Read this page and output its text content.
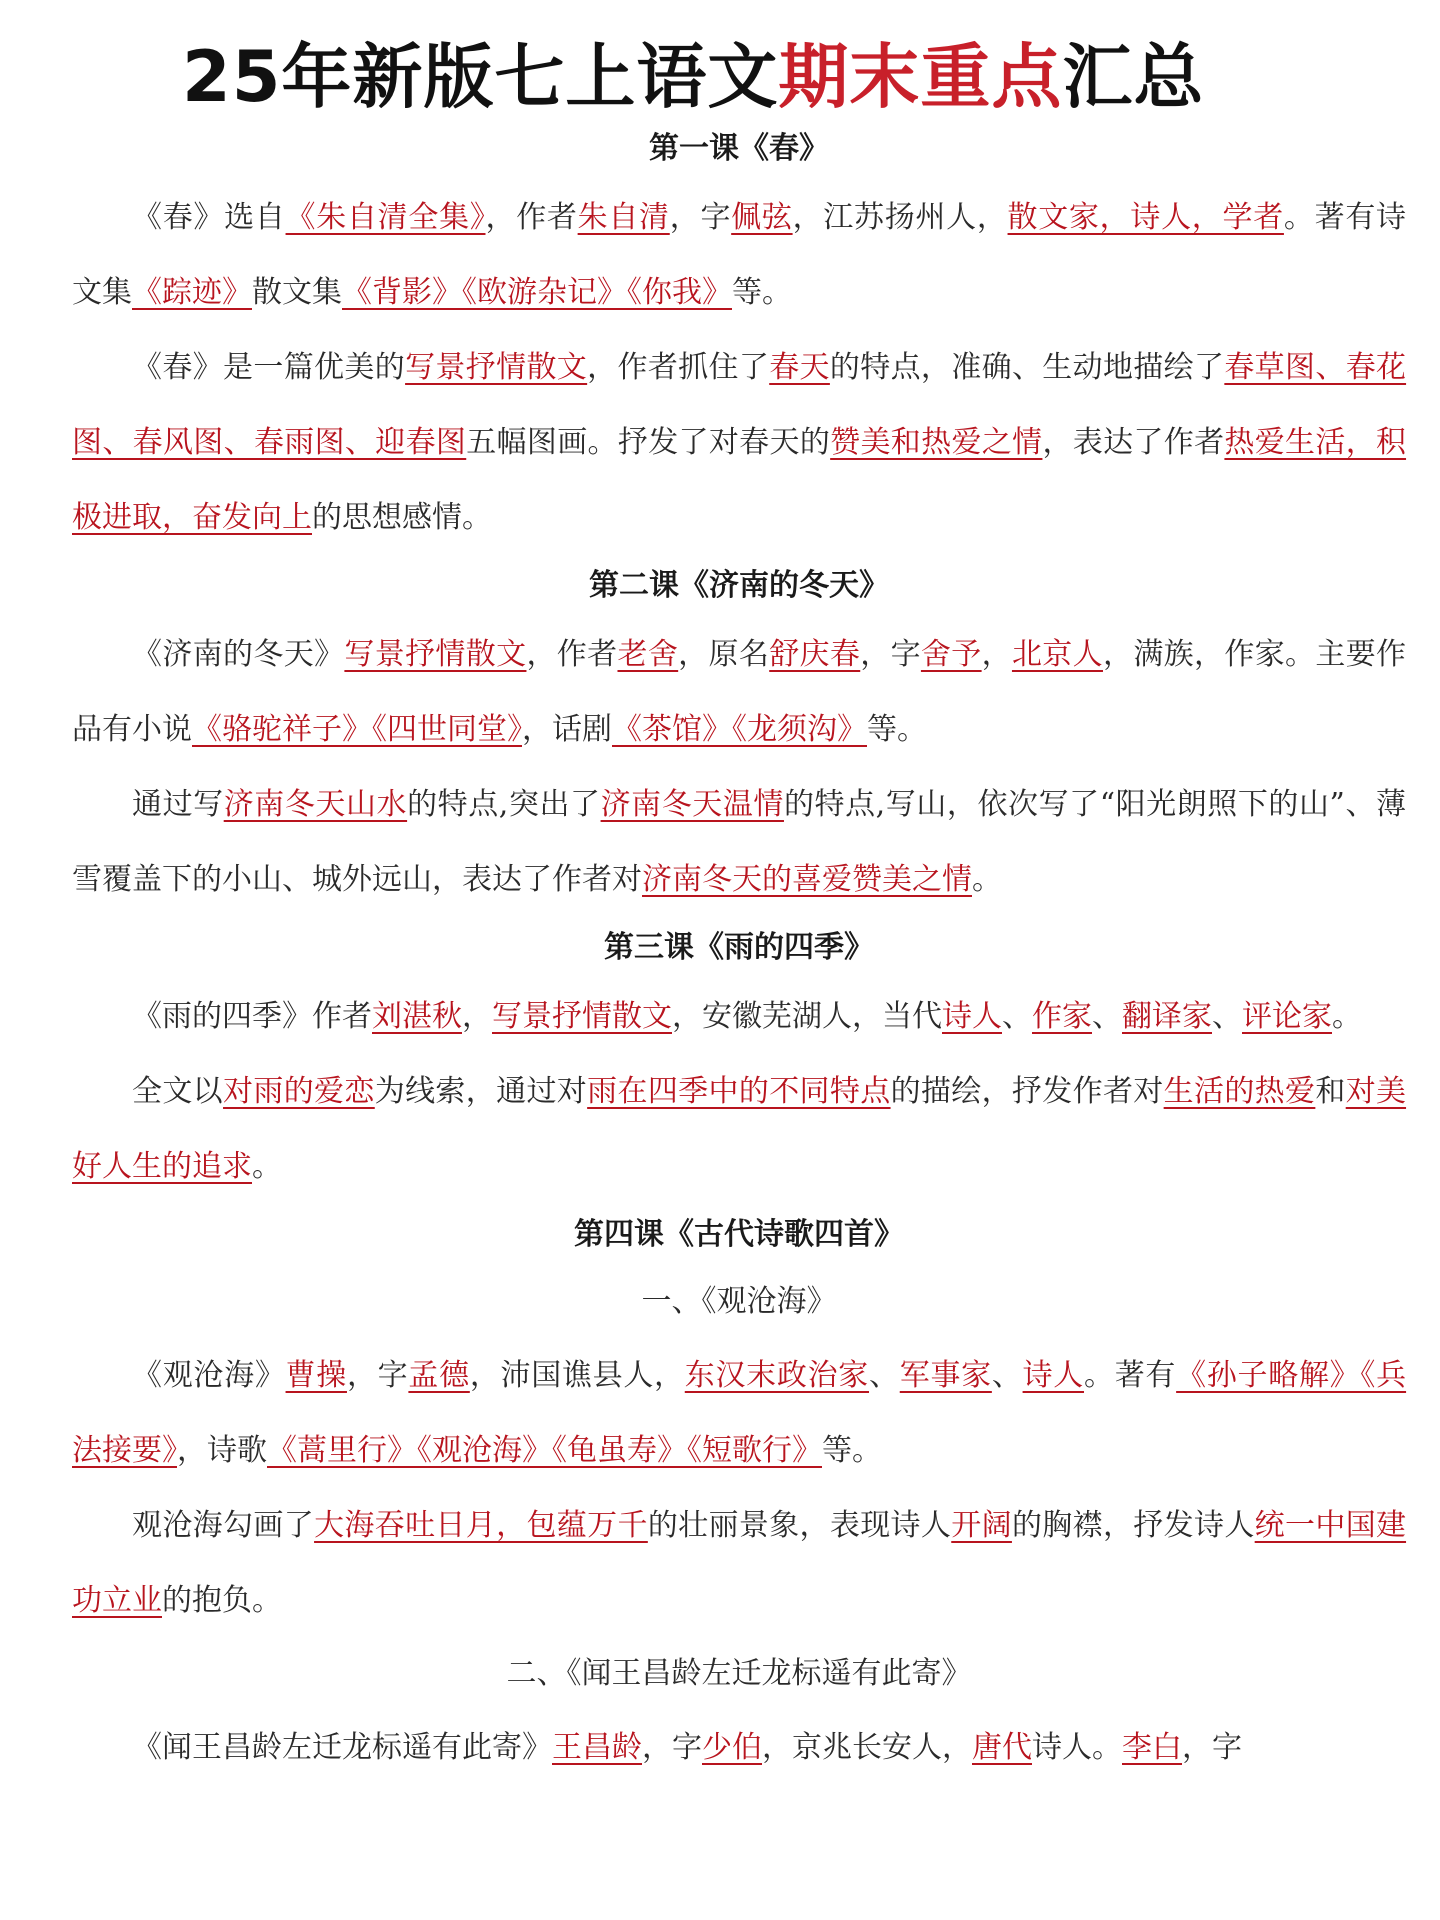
25年新版七上语文期末重点汇总
第一课《春》

《春》选自《朱自清全集》，作者朱自清，字佩弦，江苏扬州人，散文家，诗人，学者。著有诗文集《踪迹》散文集《背影》《欧游杂记》《你我》等。

《春》是一篇优美的写景抒情散文，作者抓住了春天的特点，准确、生动地描绘了春草图、春花图、春风图、春雨图、迎春图五幅图画。抒发了对春天的赞美和热爱之情，表达了作者热爱生活，积极进取，奋发向上的思想感情。

第二课《济南的冬天》

《济南的冬天》写景抒情散文，作者老舍，原名舒庆春，字舍予，北京人，满族，作家。主要作品有小说《骆驼祥子》《四世同堂》，话剧《茶馆》《龙须沟》等。

通过写济南冬天山水的特点,突出了济南冬天温情的特点,写山，依次写了“阳光朗照下的山”、薄雪覆盖下的小山、城外远山，表达了作者对济南冬天的喜爱赞美之情。

第三课《雨的四季》

《雨的四季》作者刘湛秋，写景抒情散文，安徽芜湖人，当代诗人、作家、翻译家、评论家。

全文以对雨的爱恋为线索，通过对雨在四季中的不同特点的描绘，抒发作者对生活的热爱和对美好人生的追求。

第四课《古代诗歌四首》
一、《观沧海》

《观沧海》曹操，字孟德，沛国谯县人，东汉末政治家、军事家、诗人。著有《孙子略解》《兵法接要》，诗歌《蒿里行》《观沧海》《龟虽寿》《短歌行》等。

观沧海勾画了大海吞吐日月，包蕴万千的壮丽景象，表现诗人开阔的胸襟，抒发诗人统一中国建功立业的抱负。

二、《闻王昌龄左迁龙标遥有此寄》

《闻王昌龄左迁龙标遥有此寄》王昌龄，字少伯，京兆长安人，唐代诗人。李白，字
